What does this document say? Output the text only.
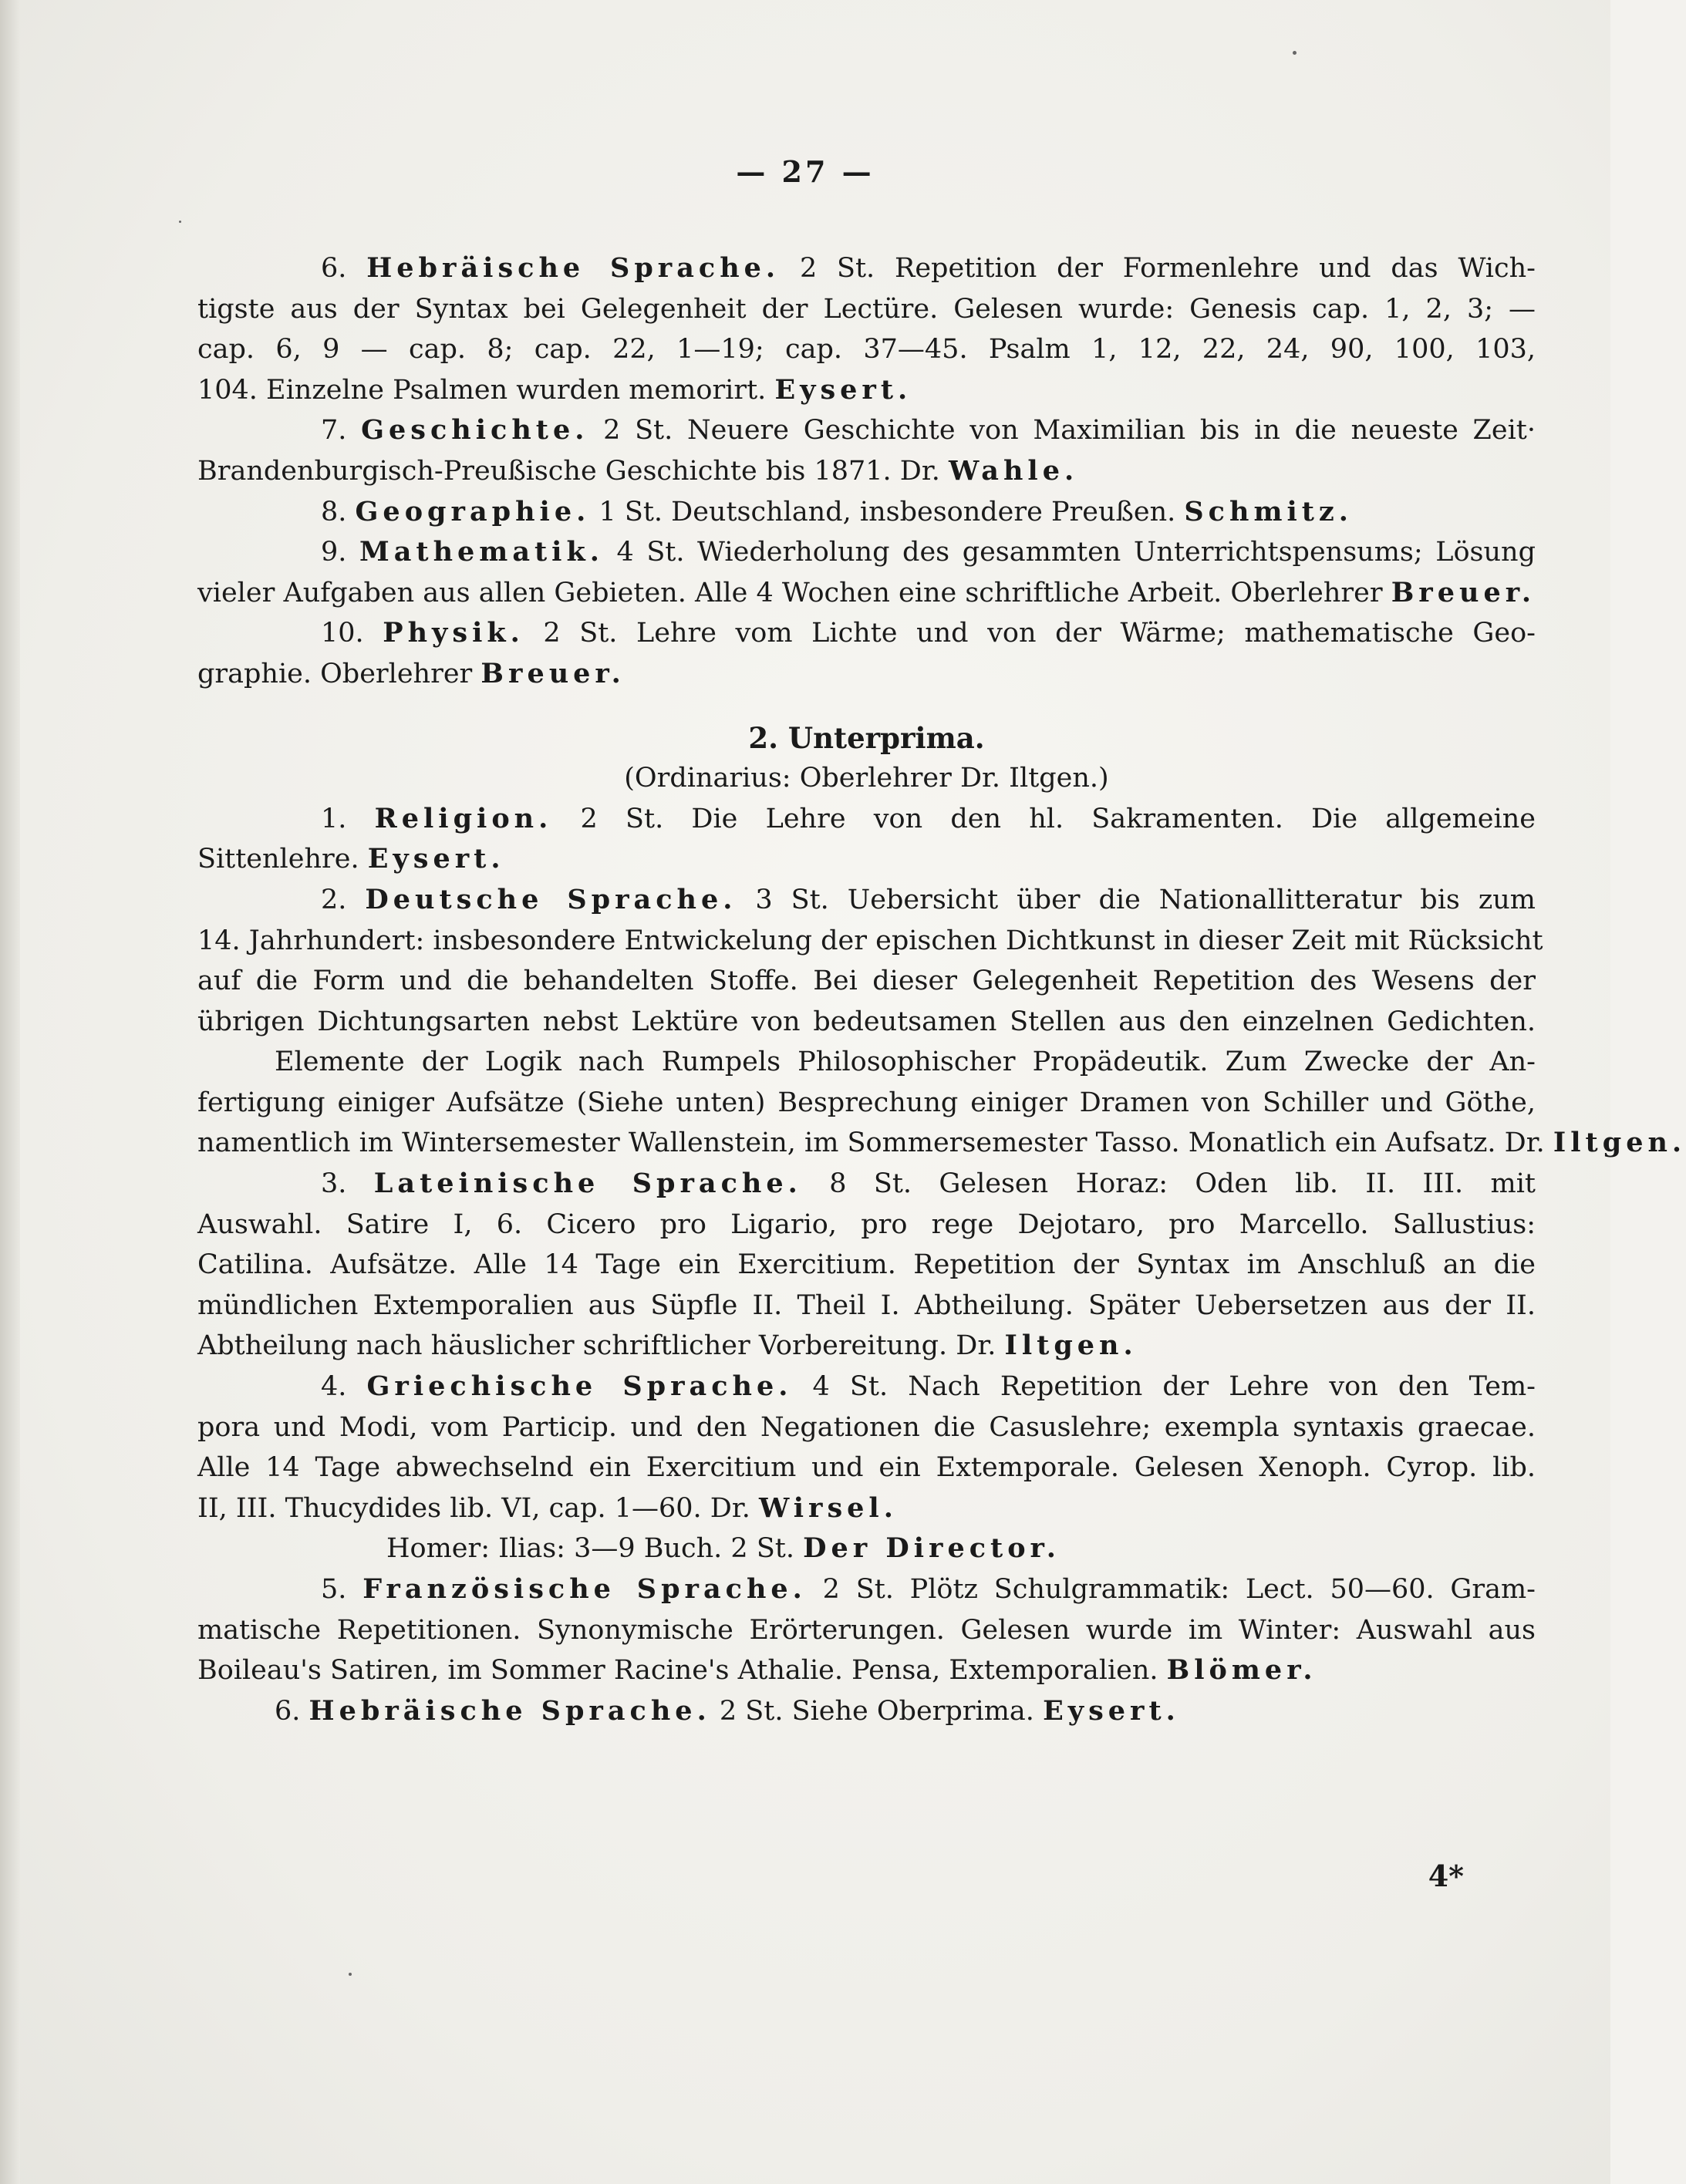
— 27 —
6. Hebräische Sprache. 2 St. Repetition der Formenlehre und das Wich-
tigste aus der Syntax bei Gelegenheit der Lectüre. Gelesen wurde: Genesis cap. 1, 2, 3; —
cap. 6, 9 — cap. 8; cap. 22, 1—19; cap. 37—45. Psalm 1, 12, 22, 24, 90, 100, 103,
104. Einzelne Psalmen wurden memorirt. Eysert.
7. Geschichte. 2 St. Neuere Geschichte von Maximilian bis in die neueste Zeit·
Brandenburgisch-Preußische Geschichte bis 1871. Dr. Wahle.
8. Geographie. 1 St. Deutschland, insbesondere Preußen. Schmitz.
9. Mathematik. 4 St. Wiederholung des gesammten Unterrichtspensums; Lösung
vieler Aufgaben aus allen Gebieten. Alle 4 Wochen eine schriftliche Arbeit. Oberlehrer Breuer.
10. Physik. 2 St. Lehre vom Lichte und von der Wärme; mathematische Geo-
graphie. Oberlehrer Breuer.
2. Unterprima.
(Ordinarius: Oberlehrer Dr. Iltgen.)
1. Religion. 2 St. Die Lehre von den hl. Sakramenten. Die allgemeine
Sittenlehre. Eysert.
2. Deutsche Sprache. 3 St. Uebersicht über die Nationallitteratur bis zum
14. Jahrhundert: insbesondere Entwickelung der epischen Dichtkunst in dieser Zeit mit Rücksicht
auf die Form und die behandelten Stoffe. Bei dieser Gelegenheit Repetition des Wesens der
übrigen Dichtungsarten nebst Lektüre von bedeutsamen Stellen aus den einzelnen Gedichten.
Elemente der Logik nach Rumpels Philosophischer Propädeutik. Zum Zwecke der An-
fertigung einiger Aufsätze (Siehe unten) Besprechung einiger Dramen von Schiller und Göthe,
namentlich im Wintersemester Wallenstein, im Sommersemester Tasso. Monatlich ein Aufsatz. Dr. Iltgen.
3. Lateinische Sprache. 8 St. Gelesen Horaz: Oden lib. II. III. mit
Auswahl. Satire I, 6. Cicero pro Ligario, pro rege Dejotaro, pro Marcello. Sallustius:
Catilina. Aufsätze. Alle 14 Tage ein Exercitium. Repetition der Syntax im Anschluß an die
mündlichen Extemporalien aus Süpfle II. Theil I. Abtheilung. Später Uebersetzen aus der II.
Abtheilung nach häuslicher schriftlicher Vorbereitung. Dr. Iltgen.
4. Griechische Sprache. 4 St. Nach Repetition der Lehre von den Tem-
pora und Modi, vom Particip. und den Negationen die Casuslehre; exempla syntaxis graecae.
Alle 14 Tage abwechselnd ein Exercitium und ein Extemporale. Gelesen Xenoph. Cyrop. lib.
II, III. Thucydides lib. VI, cap. 1—60. Dr. Wirsel.
Homer: Ilias: 3—9 Buch. 2 St. Der Director.
5. Französische Sprache. 2 St. Plötz Schulgrammatik: Lect. 50—60. Gram-
matische Repetitionen. Synonymische Erörterungen. Gelesen wurde im Winter: Auswahl aus
Boileau's Satiren, im Sommer Racine's Athalie. Pensa, Extemporalien. Blömer.
6. Hebräische Sprache. 2 St. Siehe Oberprima. Eysert.
4*
